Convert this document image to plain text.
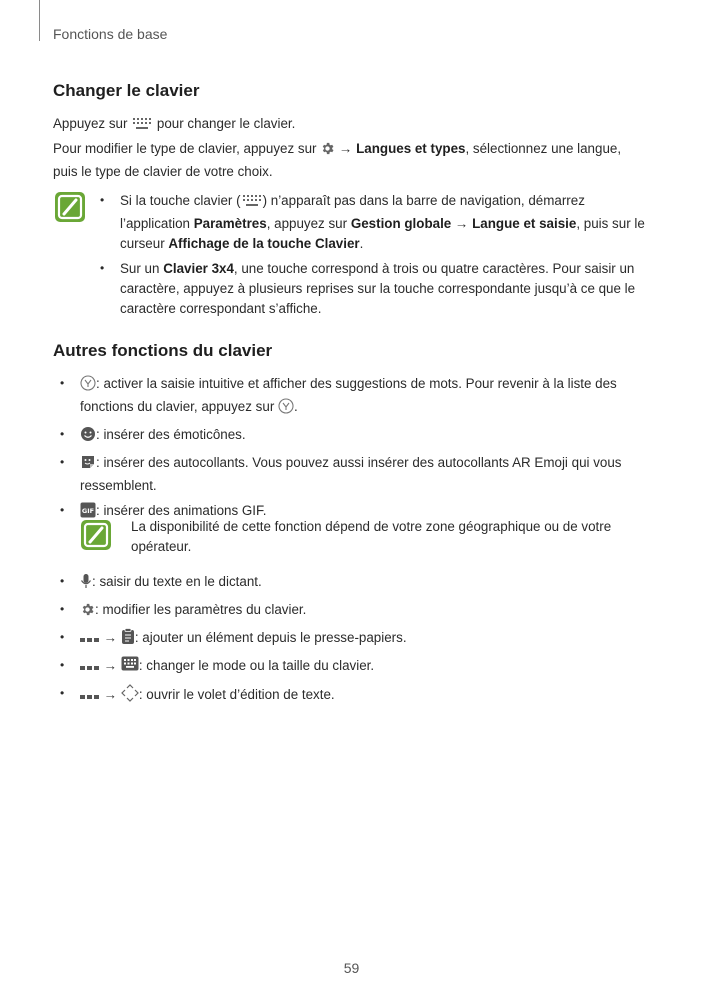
Fonctions de base
Changer le clavier

Appuyez sur pour changer le clavier.

Pour modifier le type de clavier, appuyez sur → Langues et types, sélectionnez une langue, puis le type de clavier de votre choix.

• Si la touche clavier ( ) n’apparaît pas dans la barre de navigation, démarrez l’application Paramètres, appuyez sur Gestion globale → Langue et saisie, puis sur le curseur Affichage de la touche Clavier.
• Sur un Clavier 3x4, une touche correspond à trois ou quatre caractères. Pour saisir un caractère, appuyez à plusieurs reprises sur la touche correspondante jusqu’à ce que le caractère correspondant s’affiche.
Autres fonctions du clavier
• : activer la saisie intuitive et afficher des suggestions de mots. Pour revenir à la liste des fonctions du clavier, appuyez sur .
• : insérer des émoticônes.
• : insérer des autocollants. Vous pouvez aussi insérer des autocollants AR Emoji qui vous ressemblent.
•	GIF : insérer des animations GIF.

La disponibilité de cette fonction dépend de votre zone géographique ou de votre opérateur.

• : saisir du texte en le dictant.
• : modifier les paramètres du clavier.
•	→ : ajouter un élément depuis le presse-papiers.
•	→ : changer le mode ou la taille du clavier.
•	→ : ouvrir le volet d’édition de texte.
59
